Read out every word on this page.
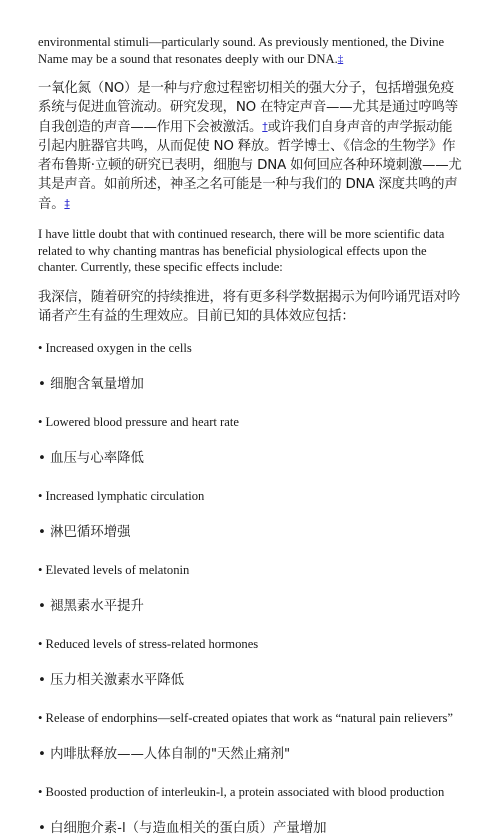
environmental stimuli—particularly sound. As previously mentioned, the Divine Name may be a sound that resonates deeply with our DNA.‡

一氧化氮（NO）是一种与疗愈过程密切相关的强大分子，包括增强免疫系统与促进血管流动。研究发现，NO 在特定声音——尤其是通过哼鸣等自我创造的声音——作用下会被激活。†或许我们自身声音的声学振动能引起内脏器官共鸣，从而促使 NO 释放。哲学博士、《信念的生物学》作者布鲁斯·立顿的研究已表明，细胞与 DNA 如何回应各种环境刺激——尤其是声音。如前所述，神圣之名可能是一种与我们的 DNA 深度共鸣的声音。‡

I have little doubt that with continued research, there will be more scientific data related to why chanting mantras has beneficial physiological effects upon the chanter. Currently, these specific effects include:

我深信，随着研究的持续推进，将有更多科学数据揭示为何吟诵咒语对吟诵者产生有益的生理效应。目前已知的具体效应包括：

• Increased oxygen in the cells

• 细胞含氧量增加

• Lowered blood pressure and heart rate

• 血压与心率降低

• Increased lymphatic circulation

• 淋巴循环增强

• Elevated levels of melatonin

• 褪黑素水平提升

• Reduced levels of stress-related hormones

• 压力相关激素水平降低

• Release of endorphins—self-created opiates that work as “natural pain relievers”

• 内啡肽释放——人体自制的"天然止痛剂"

• Boosted production of interleukin-l, a protein associated with blood production

• 白细胞介素-l（与造血相关的蛋白质）产量增加
